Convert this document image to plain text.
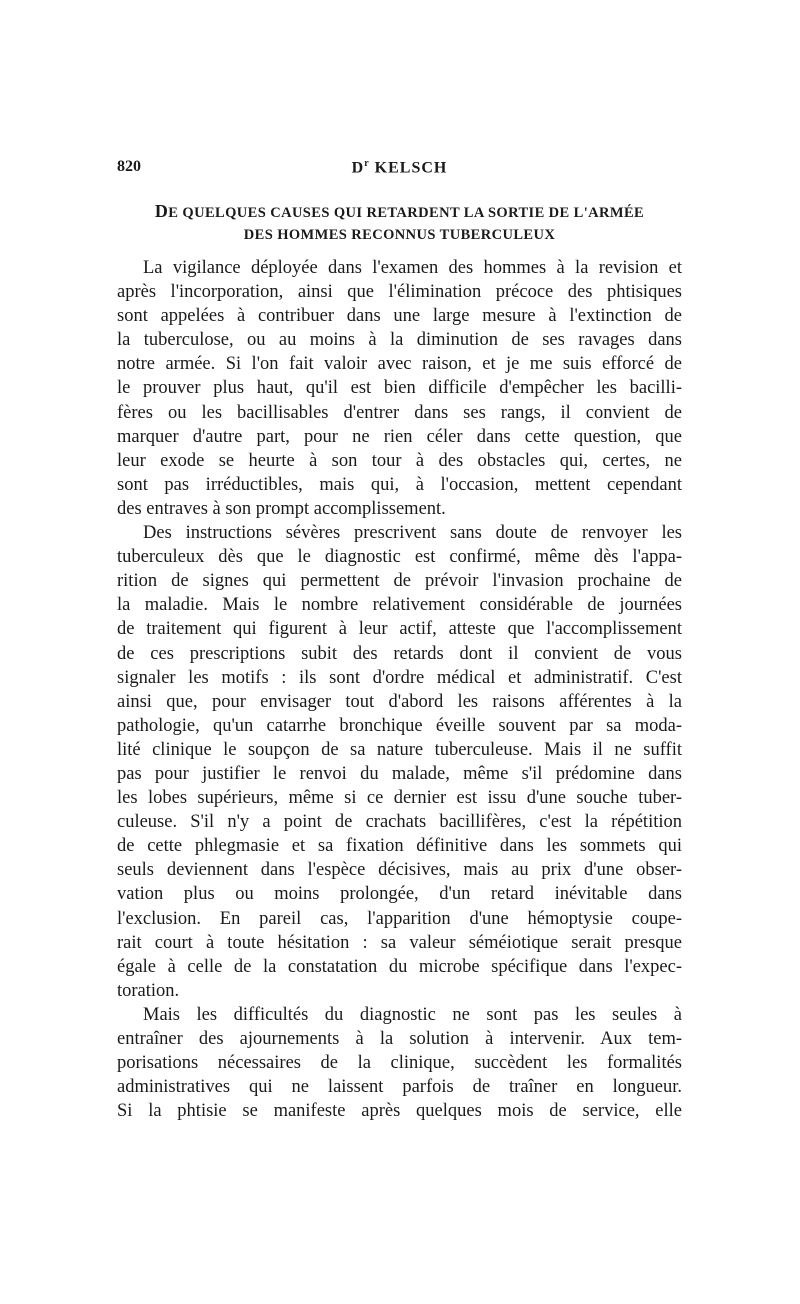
820	$D^r$ KELSCH
DE QUELQUES CAUSES QUI RETARDENT LA SORTIE DE L'ARMÉE
DES HOMMES RECONNUS TUBERCULEUX
La vigilance déployée dans l'examen des hommes à la revision et
après l'incorporation, ainsi que l'élimination précoce des phtisiques
sont appelées à contribuer dans une large mesure à l'extinction de
la tuberculose, ou au moins à la diminution de ses ravages dans
notre armée. Si l'on fait valoir avec raison, et je me suis efforcé de
le prouver plus haut, qu'il est bien difficile d'empêcher les bacilli-
fères ou les bacillisables d'entrer dans ses rangs, il convient de
marquer d'autre part, pour ne rien céler dans cette question, que
leur exode se heurte à son tour à des obstacles qui, certes, ne
sont pas irréductibles, mais qui, à l'occasion, mettent cependant
des entraves à son prompt accomplissement.
Des instructions sévères prescrivent sans doute de renvoyer les
tuberculeux dès que le diagnostic est confirmé, même dès l'appa-
rition de signes qui permettent de prévoir l'invasion prochaine de
la maladie. Mais le nombre relativement considérable de journées
de traitement qui figurent à leur actif, atteste que l'accomplissement
de ces prescriptions subit des retards dont il convient de vous
signaler les motifs : ils sont d'ordre médical et administratif. C'est
ainsi que, pour envisager tout d'abord les raisons afférentes à la
pathologie, qu'un catarrhe bronchique éveille souvent par sa moda-
lité clinique le soupçon de sa nature tuberculeuse. Mais il ne suffit
pas pour justifier le renvoi du malade, même s'il prédomine dans
les lobes supérieurs, même si ce dernier est issu d'une souche tuber-
culeuse. S'il n'y a point de crachats bacillifères, c'est la répétition
de cette phlegmasie et sa fixation définitive dans les sommets qui
seuls deviennent dans l'espèce décisives, mais au prix d'une obser-
vation plus ou moins prolongée, d'un retard inévitable dans
l'exclusion. En pareil cas, l'apparition d'une hémoptysie coupe-
rait court à toute hésitation : sa valeur séméiotique serait presque
égale à celle de la constatation du microbe spécifique dans l'expec-
toration.
Mais les difficultés du diagnostic ne sont pas les seules à
entraîner des ajournements à la solution à intervenir. Aux tem-
porisations nécessaires de la clinique, succèdent les formalités
administratives qui ne laissent parfois de traîner en longueur.
Si la phtisie se manifeste après quelques mois de service, elle
